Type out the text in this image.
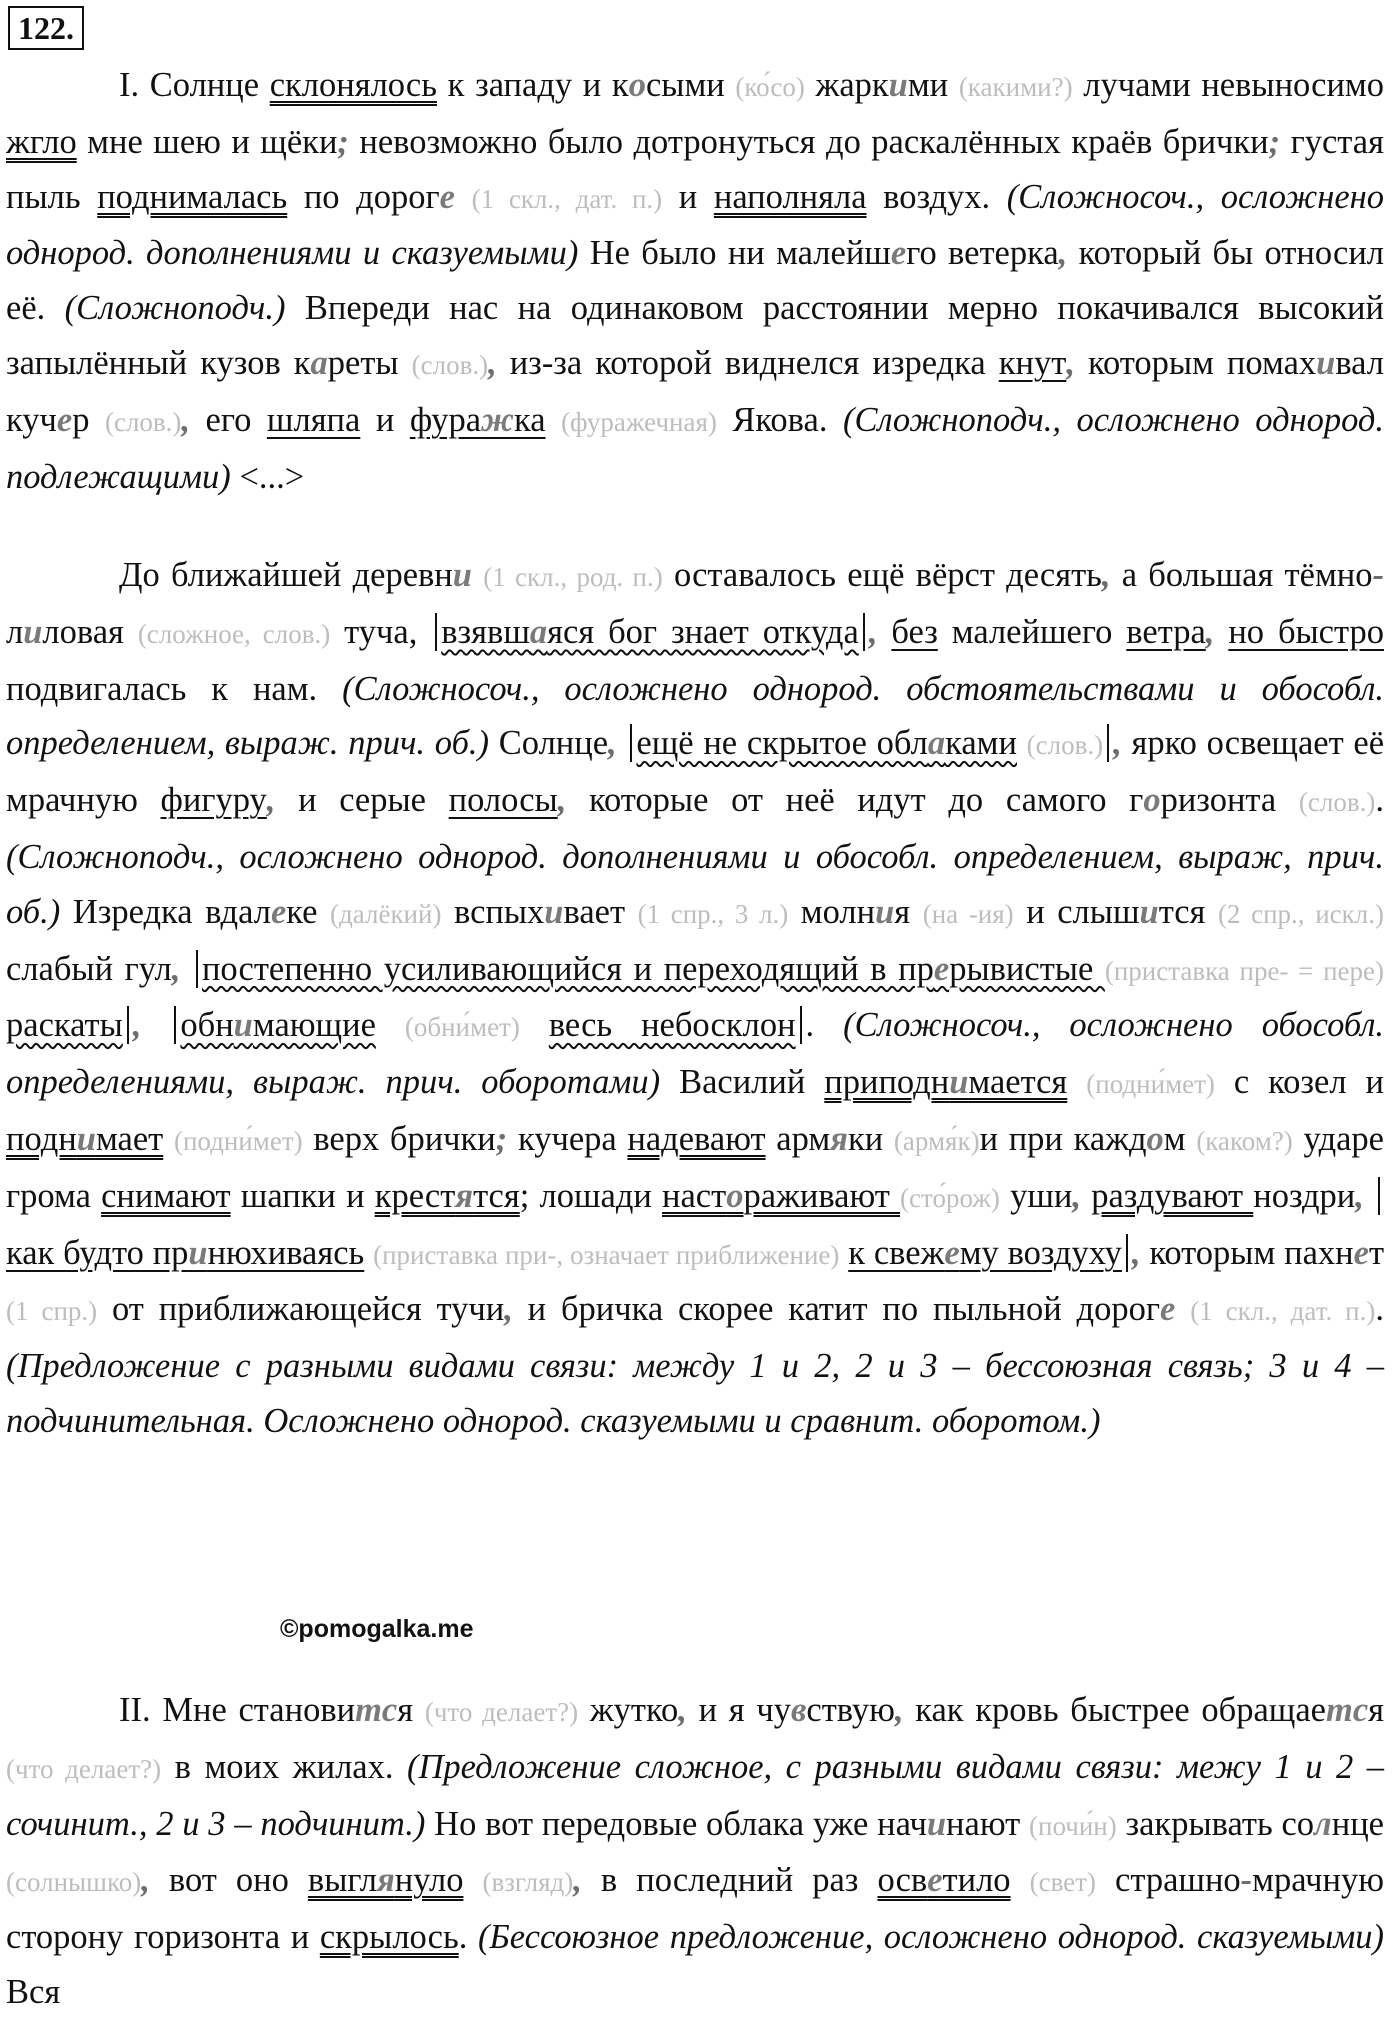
122.

I. Солнце склонялось к западу и косыми (ко́со) жаркими (какими?) лучами невыносимо жгло мне шею и щёки; невозможно было дотронуться до раскалённых краёв брички; густая пыль поднималась по дороге (1 скл., дат. п.) и наполняла воздух. (Сложносоч., осложнено однород. дополнениями и сказуемыми) Не было ни малейшего ветерка, который бы относил её. (Сложноподч.) Впереди нас на одинаковом расстоянии мерно покачивался высокий запылённый кузов кареты (слов.), из-за которой виднелся изредка кнут, которым помахивал кучер (слов.), его шляпа и фуражка (фуражечная) Якова. (Сложноподч., осложнено однород. подлежащими) <...>

До ближайшей деревни (1 скл., род. п.) оставалось ещё вёрст десять, а большая тёмно-лиловая (сложное, слов.) туча, взявшаяся бог знает откуда , без малейшего ветра, но быстро подвигалась к нам. (Сложносоч., осложнено однород. обстоятельствами и обособл. определением, выраж. прич. об.) Солнце, ещё не скрытое облаками (слов.) , ярко освещает её мрачную фигуру, и серые полосы, которые от неё идут до самого горизонта (слов.). (Сложноподч., осложнено однород. дополнениями и обособл. определением, выраж, прич. об.) Изредка вдалеке (далёкий) вспыхивает (1 спр., 3 л.) молния (на -ия) и слышится (2 спр., искл.) слабый гул, постепенно усиливающийся и переходящий в прерывистые (приставка пре- = пере) раскаты , обнимающие (обни́мет) весь небосклон . (Сложносоч., осложнено обособл. определениями, выраж. прич. оборотами) Василий приподнимается (подни́мет) с козел и поднимает (подни́мет) верх брички; кучера надевают армяки (армя́к)и при каждом (каком?) ударе грома снимают шапки и крестятся; лошади настораживают (сто́рож) уши, раздувают ноздри, как будто принюхиваясь (приставка при-, означает приближение) к свежему воздуху , которым пахнет (1 спр.) от приближающейся тучи, и бричка скорее катит по пыльной дороге (1 скл., дат. п.). (Предложение с разными видами связи: между 1 и 2, 2 и 3 – бессоюзная связь; 3 и 4 – подчинительная. Осложнено однород. сказуемыми и сравнит. оборотом.)

©pomogalka.me

II. Мне становится (что делает?) жутко, и я чувствую, как кровь быстрее обращается (что делает?) в моих жилах. (Предложение сложное, с разными видами связи: межу 1 и 2 – сочинит., 2 и 3 – подчинит.) Но вот передовые облака уже начинают (почи́н) закрывать солнце (солнышко), вот оно выглянуло (взгляд), в последний раз осветило (свет) страшно-мрачную сторону горизонта и скрылось. (Бессоюзное предложение, осложнено однород. сказуемыми) Вся
